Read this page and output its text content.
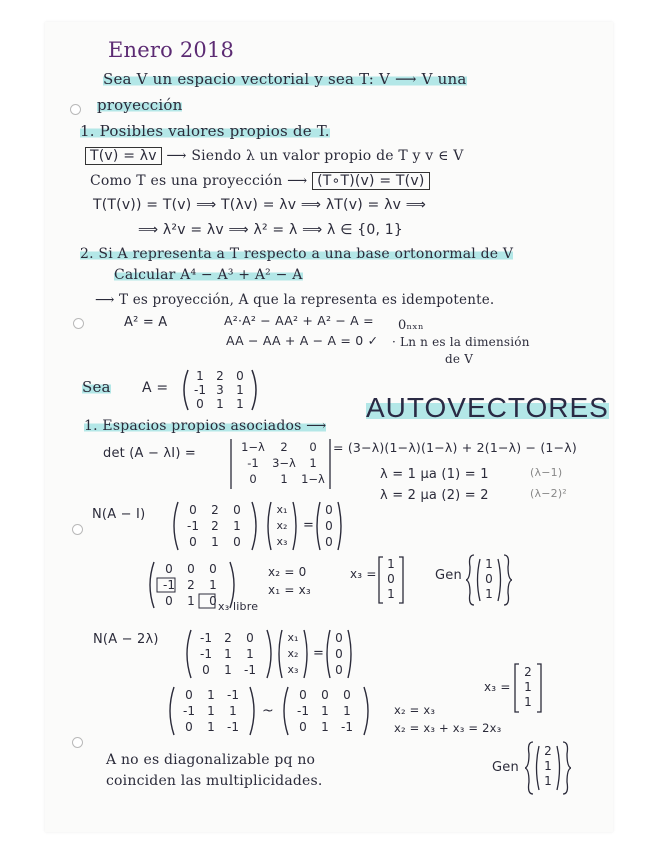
Enero 2018
Sea V un espacio vectorial y sea T: V ⟶ V una
proyección
1. Posibles valores propios de T.
T(v) = λv ⟶ Siendo λ un valor propio de T y v ∈ V
Como T es una proyección ⟶ (T∘T)(v) = T(v)
T(T(v)) = T(v) ⟹ T(λv) = λv ⟹ λT(v) = λv ⟹
⟹ λ²v = λv ⟹ λ² = λ ⟹ λ ∈ {0, 1}
2. Si A representa a T respecto a una base ortonormal de V
Calcular A⁴ − A³ + A² − A
⟶ T es proyección, A que la representa es idempotente.
A² = A	A²·A² − AA² + A² − A =
AA − AA + A − A = 0 ✓
0ₙₓₙ
· Ln n es la dimensión
de V
Sea A =
1	2	0
-1 3	1
0	1	1
1. Espacios propios asociados ⟶
AUTOVECTORES
det (A − λI) =	1−λ	2	0
-1	3−λ	1
0	1	1−λ
= (3−λ)(1−λ)(1−λ) + 2(1−λ) − (1−λ)
λ = 1 μa (1) = 1
λ = 2 μa (2) = 2
(λ−1)
(λ−2)²
N(A − I)	0	2	0
-1	2	1
0	1	0
x₁
x₂
x₃
=
0
0
0
0	0	0
-1	2	1
0	1	0
x₂ = 0
x₁ = x₃
x₃ libre
x₃ =
1
0
1
Gen
1
0
1
N(A − 2λ)	-1	2	0
-1	1	1
0	1	-1
x₁
x₂
x₃
=
0
0
0
0	1	-1
-1	1	1
0	1	-1
~
0	0	0
-1	1	1
0	1	-1
x₃ =
2
1
1
x₂ = x₃
x₂ = x₃ + x₃ = 2x₃
A no es diagonalizable pq no
coinciden las multiplicidades.
Gen
2
1
1
